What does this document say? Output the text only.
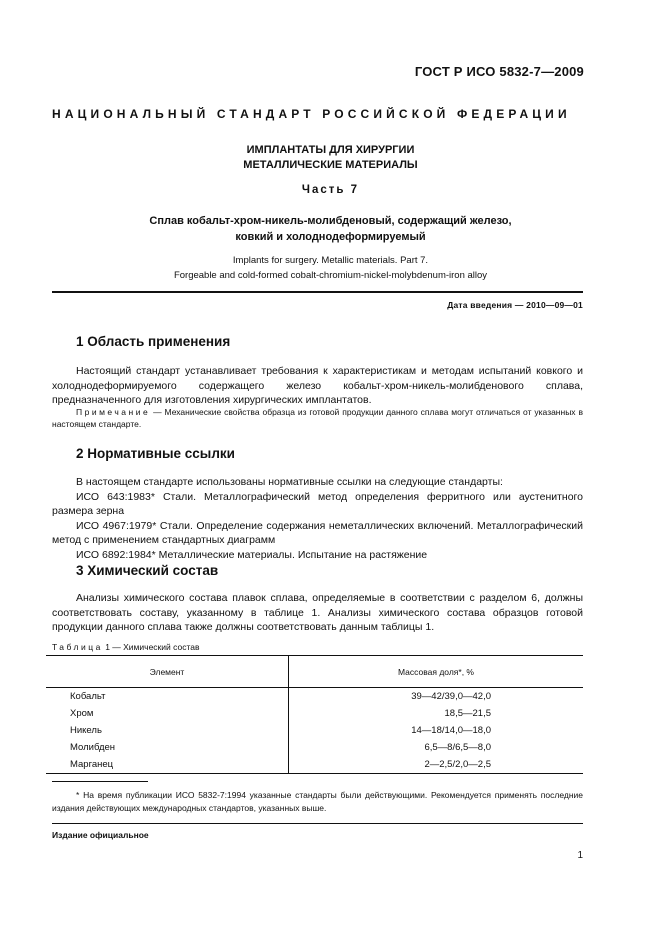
ГОСТ Р ИСО 5832-7—2009
НАЦИОНАЛЬНЫЙ СТАНДАРТ РОССИЙСКОЙ ФЕДЕРАЦИИ
ИМПЛАНТАТЫ ДЛЯ ХИРУРГИИ
МЕТАЛЛИЧЕСКИЕ МАТЕРИАЛЫ
Часть 7
Сплав кобальт-хром-никель-молибденовый, содержащий железо,
ковкий и холоднодеформируемый
Implants for surgery. Metallic materials. Part 7.
Forgeable and cold-formed cobalt-chromium-nickel-molybdenum-iron alloy
Дата введения — 2010—09—01
1 Область применения

Настоящий стандарт устанавливает требования к характеристикам и методам испытаний ковкого и холоднодеформируемого содержащего железо кобальт-хром-никель-молибденового сплава, предназначенного для изготовления хирургических имплантатов.

Примечание — Механические свойства образца из готовой продукции данного сплава могут отличаться от указанных в настоящем стандарте.
2 Нормативные ссылки

В настоящем стандарте использованы нормативные ссылки на следующие стандарты:

ИСО 643:1983* Стали. Металлографический метод определения ферритного или аустенитного размера зерна

ИСО 4967:1979* Стали. Определение содержания неметаллических включений. Металлографический метод с применением стандартных диаграмм

ИСО 6892:1984* Металлические материалы. Испытание на растяжение

3 Химический состав

Анализы химического состава плавок сплава, определяемые в соответствии с разделом 6, должны соответствовать составу, указанному в таблице 1. Анализы химического состава образцов готовой продукции данного сплава также должны соответствовать данным таблицы 1.

Таблица 1 — Химический состав
Элемент	Массовая доля*, %
Кобальт	39—42/39,0—42,0
Хром	18,5—21,5
Никель	14—18/14,0—18,0
Молибден	6,5—8/6,5—8,0
Марганец	2—2,5/2,0—2,5
* На время публикации ИСО 5832-7:1994 указанные стандарты были действующими. Рекомендуется применять последние издания действующих международных стандартов, указанных выше.
Издание официальное
1
